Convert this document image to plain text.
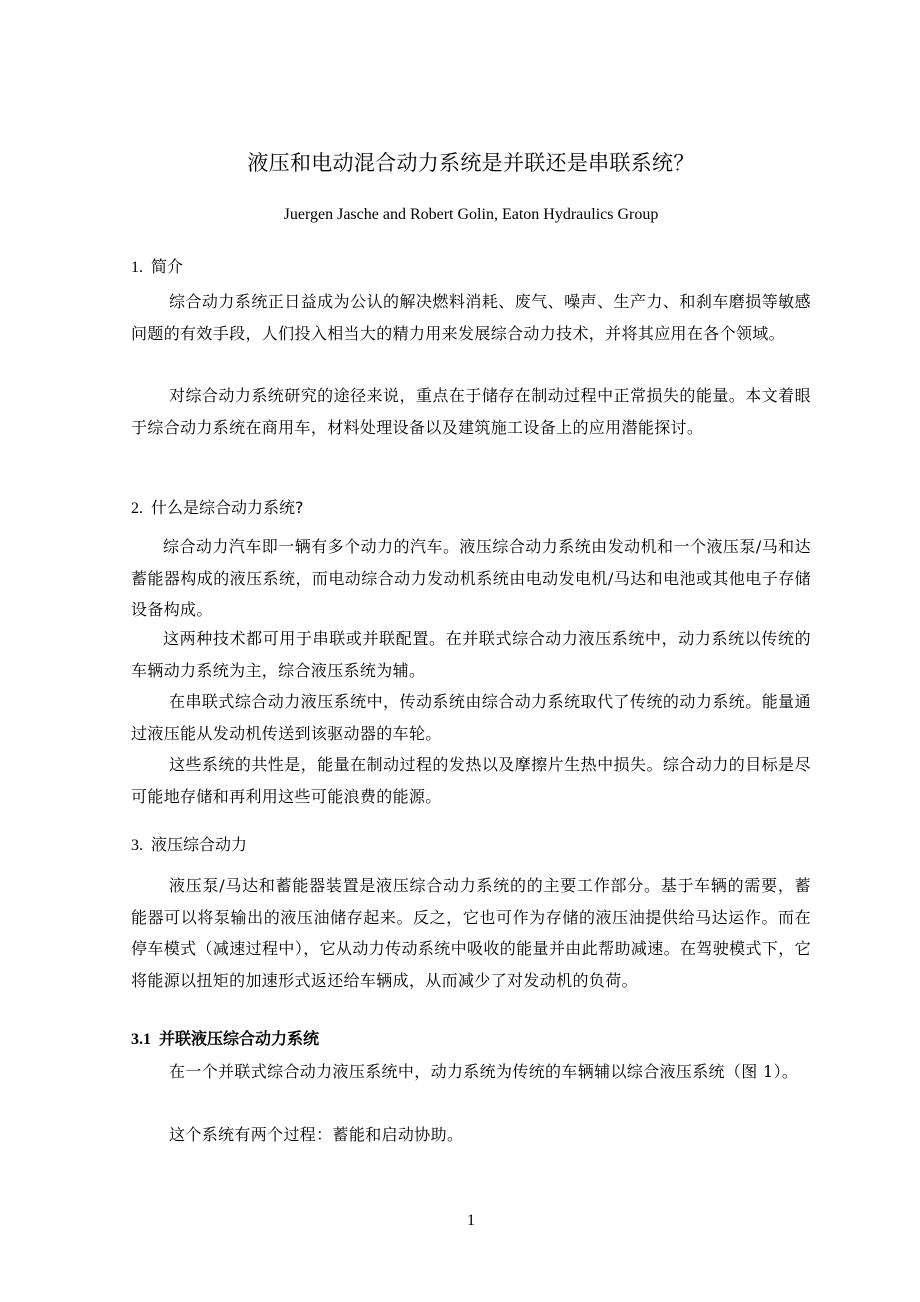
液压和电动混合动力系统是并联还是串联系统？
Juergen Jasche and Robert Golin, Eaton Hydraulics Group
1. 简介
综合动力系统正日益成为公认的解决燃料消耗、废气、噪声、生产力、和刹车磨损等敏感问题的有效手段，人们投入相当大的精力用来发展综合动力技术，并将其应用在各个领域。
对综合动力系统研究的途径来说，重点在于储存在制动过程中正常损失的能量。本文着眼于综合动力系统在商用车，材料处理设备以及建筑施工设备上的应用潜能探讨。
2. 什么是综合动力系统?
综合动力汽车即一辆有多个动力的汽车。液压综合动力系统由发动机和一个液压泵/马和达蓄能器构成的液压系统，而电动综合动力发动机系统由电动发电机/马达和电池或其他电子存储设备构成。
这两种技术都可用于串联或并联配置。在并联式综合动力液压系统中，动力系统以传统的车辆动力系统为主，综合液压系统为辅。
在串联式综合动力液压系统中，传动系统由综合动力系统取代了传统的动力系统。能量通过液压能从发动机传送到该驱动器的车轮。
这些系统的共性是，能量在制动过程的发热以及摩擦片生热中损失。综合动力的目标是尽可能地存储和再利用这些可能浪费的能源。
3. 液压综合动力
液压泵/马达和蓄能器装置是液压综合动力系统的的主要工作部分。基于车辆的需要，蓄能器可以将泵输出的液压油储存起来。反之，它也可作为存储的液压油提供给马达运作。而在停车模式（减速过程中），它从动力传动系统中吸收的能量并由此帮助减速。在驾驶模式下，它将能源以扭矩的加速形式返还给车辆成，从而减少了对发动机的负荷。
3.1 并联液压综合动力系统
在一个并联式综合动力液压系统中，动力系统为传统的车辆辅以综合液压系统（图 1）。
这个系统有两个过程：蓄能和启动协助。
1
